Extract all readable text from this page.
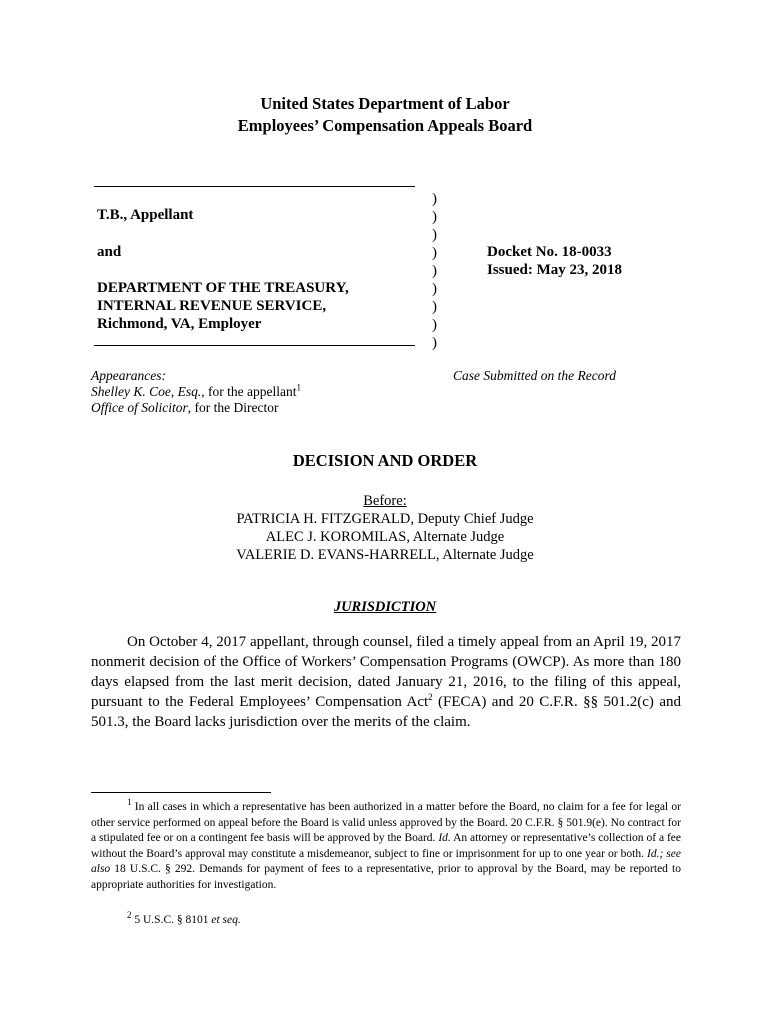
United States Department of Labor
Employees’ Compensation Appeals Board
T.B., Appellant
and
DEPARTMENT OF THE TREASURY,
INTERNAL REVENUE SERVICE,
Richmond, VA, Employer
)
)
)
)
)
)
)
)
)
Docket No. 18-0033
Issued: May 23, 2018
Appearances:
Shelley K. Coe, Esq., for the appellant$^1$
Office of Solicitor, for the Director
Case Submitted on the Record
DECISION AND ORDER
Before:
PATRICIA H. FITZGERALD, Deputy Chief Judge
ALEC J. KOROMILAS, Alternate Judge
VALERIE D. EVANS-HARRELL, Alternate Judge
JURISDICTION
On October 4, 2017 appellant, through counsel, filed a timely appeal from an April 19, 2017 nonmerit decision of the Office of Workers’ Compensation Programs (OWCP). As more than 180 days elapsed from the last merit decision, dated January 21, 2016, to the filing of this appeal, pursuant to the Federal Employees’ Compensation Act$^2$ (FECA) and 20 C.F.R. §§ 501.2(c) and 501.3, the Board lacks jurisdiction over the merits of the claim.
$^1$ In all cases in which a representative has been authorized in a matter before the Board, no claim for a fee for legal or other service performed on appeal before the Board is valid unless approved by the Board. 20 C.F.R. § 501.9(e). No contract for a stipulated fee or on a contingent fee basis will be approved by the Board. Id. An attorney or representative’s collection of a fee without the Board’s approval may constitute a misdemeanor, subject to fine or imprisonment for up to one year or both. Id.; see also 18 U.S.C. § 292. Demands for payment of fees to a representative, prior to approval by the Board, may be reported to appropriate authorities for investigation.
$^2$ 5 U.S.C. § 8101 et seq.
